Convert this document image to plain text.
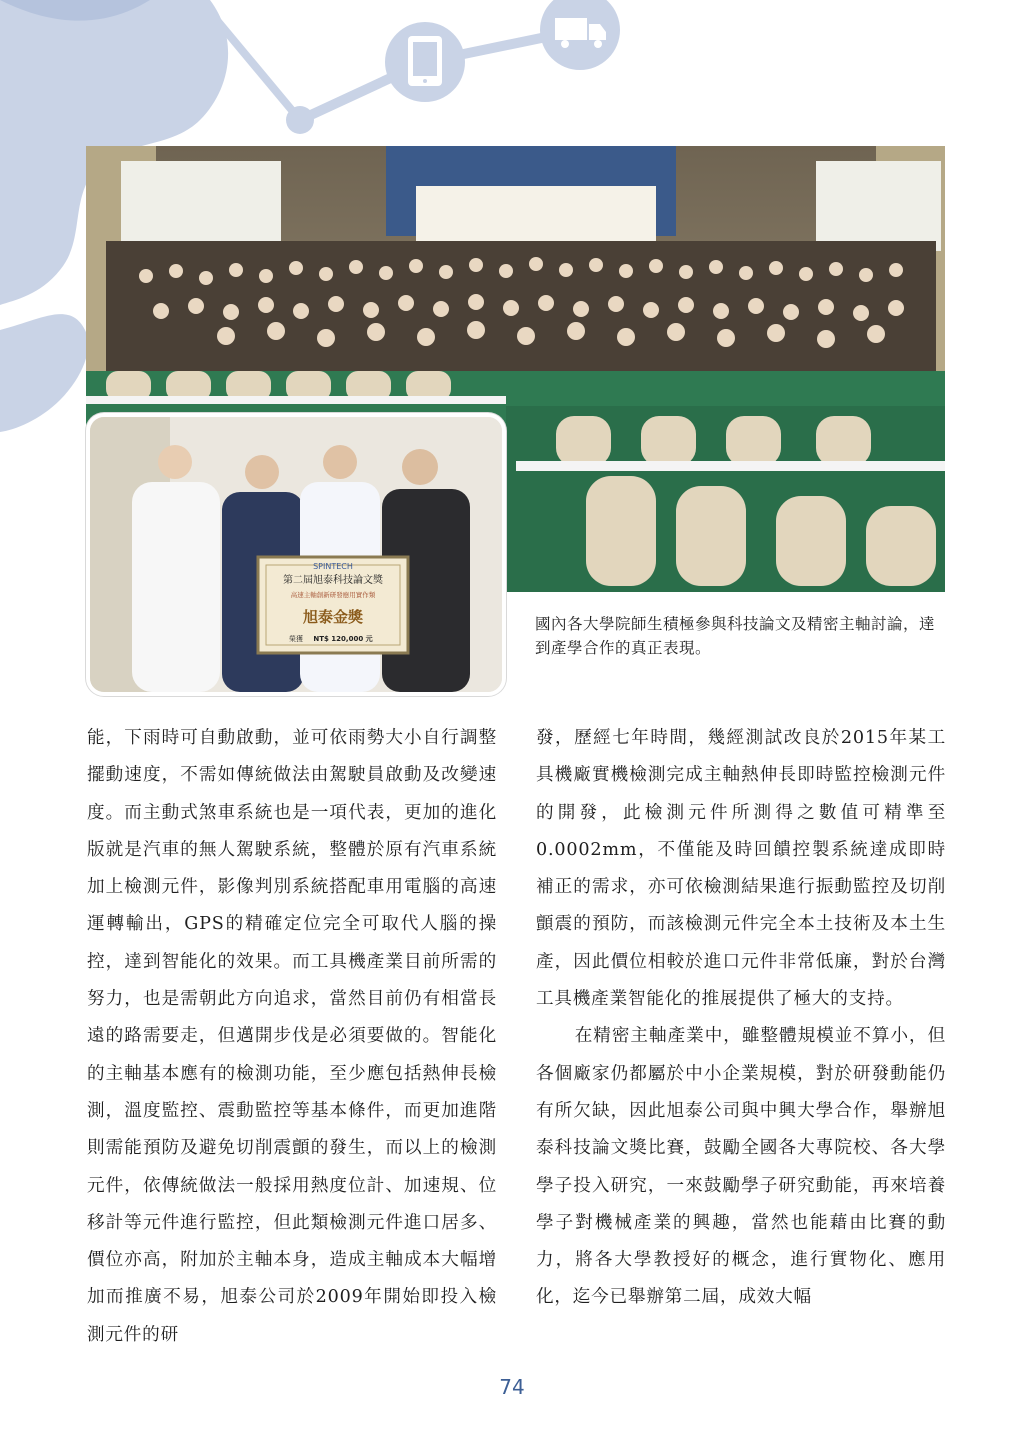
SPINTECH
第二屆旭泰科技論文獎
高速主軸創新研發應用實作類
旭泰金獎
榮獲 NT$ 120,000 元
國內各大學院師生積極參與科技論文及精密主軸討論，達到產學合作的真正表現。

能，下雨時可自動啟動，並可依雨勢大小自行調整擺動速度，不需如傳統做法由駕駛員啟動及改變速度。而主動式煞車系統也是一項代表，更加的進化版就是汽車的無人駕駛系統，整體於原有汽車系統加上檢測元件，影像判別系統搭配車用電腦的高速運轉輸出，GPS的精確定位完全可取代人腦的操控，達到智能化的效果。而工具機產業目前所需的努力，也是需朝此方向追求，當然目前仍有相當長遠的路需要走，但邁開步伐是必須要做的。智能化的主軸基本應有的檢測功能，至少應包括熱伸長檢測，溫度監控、震動監控等基本條件，而更加進階則需能預防及避免切削震顫的發生，而以上的檢測元件，依傳統做法一般採用熱度位計、加速規、位移計等元件進行監控，但此類檢測元件進口居多、價位亦高，附加於主軸本身，造成主軸成本大幅增加而推廣不易，旭泰公司於2009年開始即投入檢測元件的研

發，歷經七年時間，幾經測試改良於2015年某工具機廠實機檢測完成主軸熱伸長即時監控檢測元件的開發，此檢測元件所測得之數值可精準至0.0002mm，不僅能及時回饋控製系統達成即時補正的需求，亦可依檢測結果進行振動監控及切削顫震的預防，而該檢測元件完全本土技術及本土生產，因此價位相較於進口元件非常低廉，對於台灣工具機產業智能化的推展提供了極大的支持。

在精密主軸產業中，雖整體規模並不算小，但各個廠家仍都屬於中小企業規模，對於研發動能仍有所欠缺，因此旭泰公司與中興大學合作，舉辦旭泰科技論文獎比賽，鼓勵全國各大專院校、各大學學子投入研究，一來鼓勵學子研究動能，再來培養學子對機械產業的興趣，當然也能藉由比賽的動力，將各大學教授好的概念，進行實物化、應用化，迄今已舉辦第二屆，成效大幅

74
